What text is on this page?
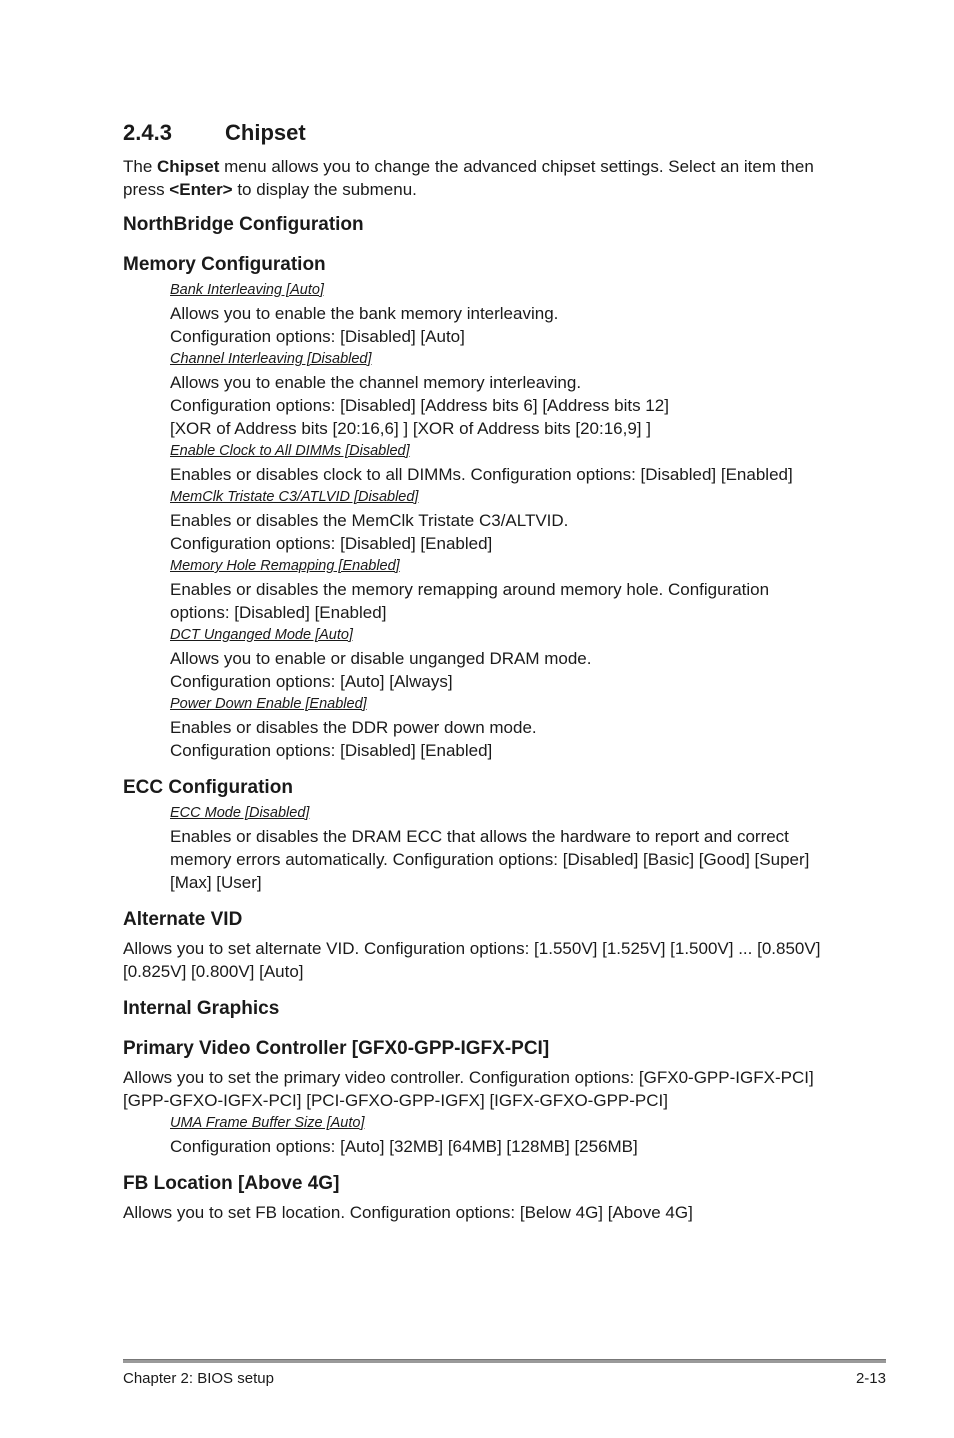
2.4.3	Chipset

The Chipset menu allows you to change the advanced chipset settings. Select an item then press <Enter> to display the submenu.

NorthBridge Configuration
Memory Configuration
Bank Interleaving [Auto]

Allows you to enable the bank memory interleaving.
Configuration options: [Disabled] [Auto]

Channel Interleaving [Disabled]

Allows you to enable the channel memory interleaving.
Configuration options: [Disabled] [Address bits 6] [Address bits 12]
[XOR of Address bits [20:16,6] ] [XOR of Address bits [20:16,9] ]

Enable Clock to All DIMMs [Disabled]

Enables or disables clock to all DIMMs. Configuration options: [Disabled] [Enabled]

MemClk Tristate C3/ATLVID [Disabled]

Enables or disables the MemClk Tristate C3/ALTVID.
Configuration options: [Disabled] [Enabled]

Memory Hole Remapping [Enabled]

Enables or disables the memory remapping around memory hole. Configuration
options: [Disabled] [Enabled]

DCT Unganged Mode [Auto]

Allows you to enable or disable unganged DRAM mode.
Configuration options: [Auto] [Always]

Power Down Enable [Enabled]

Enables or disables the DDR power down mode.
Configuration options: [Disabled] [Enabled]

ECC Configuration
ECC Mode [Disabled]

Enables or disables the DRAM ECC that allows the hardware to report and correct
memory errors automatically. Configuration options: [Disabled] [Basic] [Good] [Super]
[Max] [User]

Alternate VID

Allows you to set alternate VID. Configuration options: [1.550V] [1.525V] [1.500V] ... [0.850V]
[0.825V] [0.800V] [Auto]

Internal Graphics
Primary Video Controller [GFX0-GPP-IGFX-PCI]

Allows you to set the primary video controller. Configuration options: [GFX0-GPP-IGFX-PCI]
[GPP-GFXO-IGFX-PCI] [PCI-GFXO-GPP-IGFX] [IGFX-GFXO-GPP-PCI]

UMA Frame Buffer Size [Auto]

Configuration options: [Auto] [32MB] [64MB] [128MB] [256MB]

FB Location [Above 4G]

Allows you to set FB location. Configuration options: [Below 4G] [Above 4G]

Chapter 2: BIOS setup	2-13
